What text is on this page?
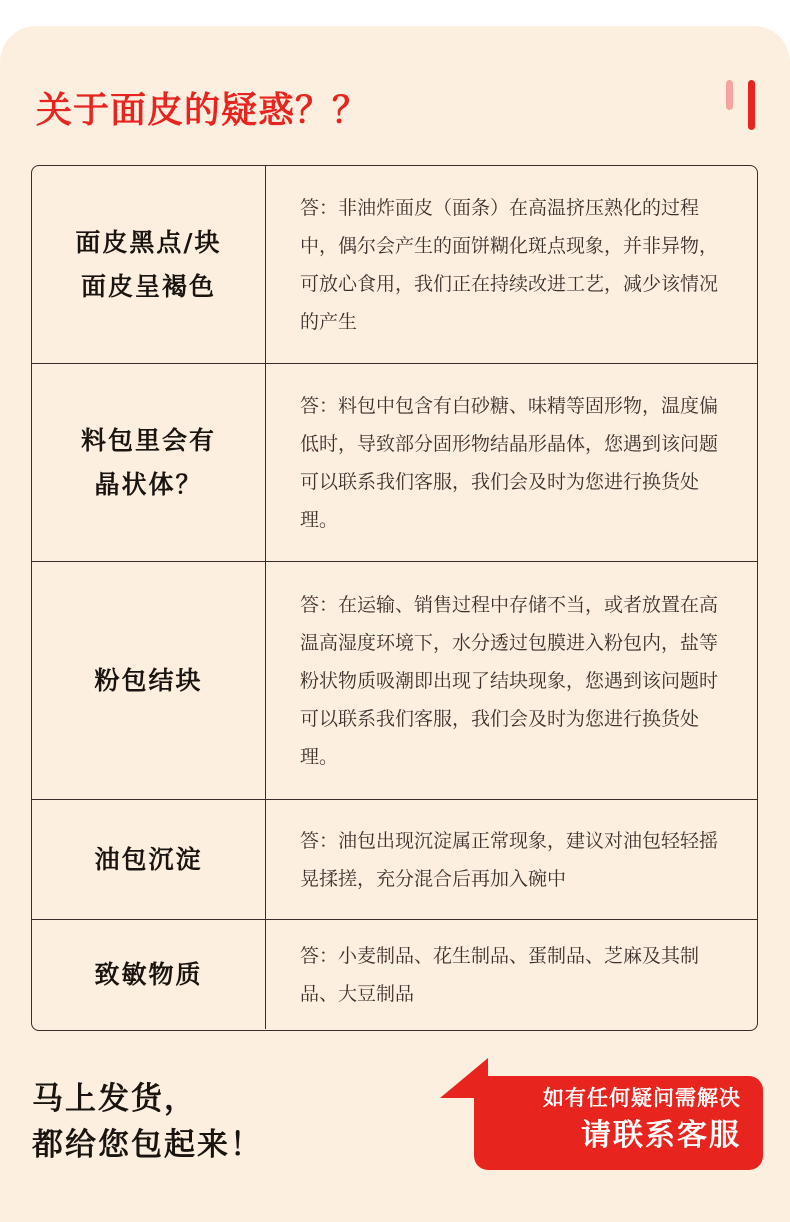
关于面皮的疑惑？？
面皮黑点/块
面皮呈褐色
答：非油炸面皮（面条）在高温挤压熟化的过程中，偶尔会产生的面饼糊化斑点现象，并非异物，可放心食用，我们正在持续改进工艺，减少该情况的产生
料包里会有
晶状体？
答：料包中包含有白砂糖、味精等固形物，温度偏低时，导致部分固形物结晶形晶体，您遇到该问题可以联系我们客服，我们会及时为您进行换货处理。
粉包结块
答：在运输、销售过程中存储不当，或者放置在高温高湿度环境下，水分透过包膜进入粉包内，盐等粉状物质吸潮即出现了结块现象，您遇到该问题时可以联系我们客服，我们会及时为您进行换货处理。
油包沉淀
答：油包出现沉淀属正常现象，建议对油包轻轻摇晃揉搓，充分混合后再加入碗中
致敏物质
答：小麦制品、花生制品、蛋制品、芝麻及其制品、大豆制品
马上发货，
都给您包起来！
如有任何疑问需解决
请联系客服
